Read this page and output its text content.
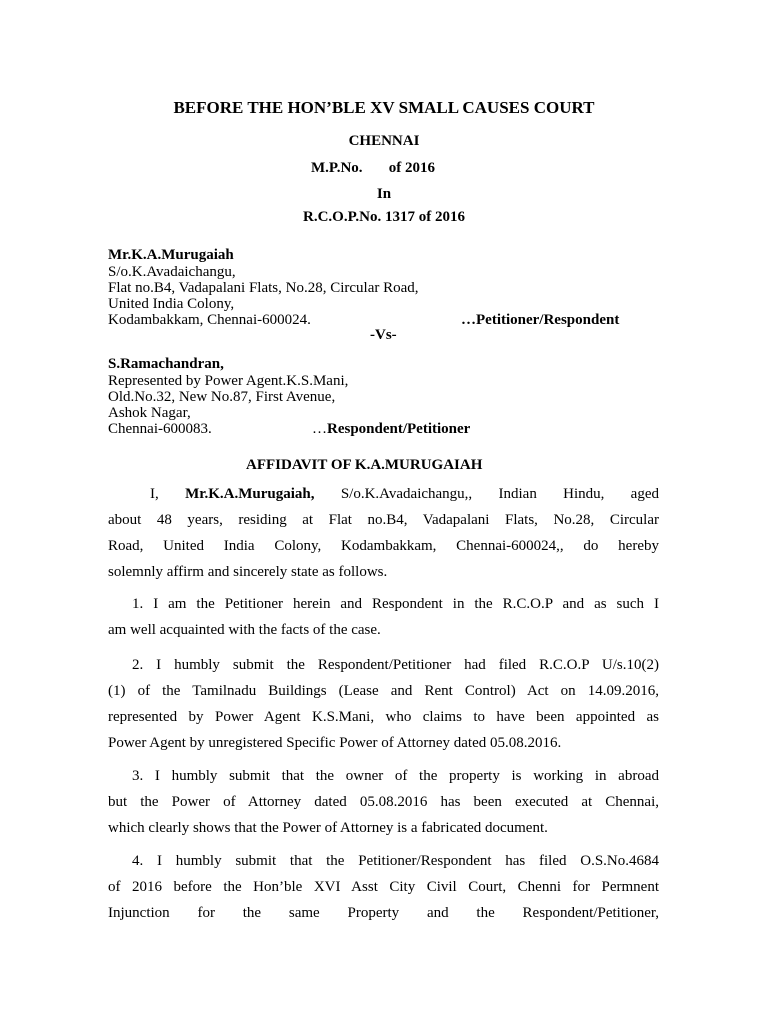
BEFORE THE HON’BLE XV SMALL CAUSES COURT
CHENNAI
M.P.No.       of 2016
In
R.C.O.P.No. 1317 of 2016
Mr.K.A.Murugaiah
S/o.K.Avadaichangu,
Flat no.B4, Vadapalani Flats, No.28, Circular Road,
United India Colony,
Kodambakkam, Chennai-600024.	…Petitioner/Respondent
-Vs-
S.Ramachandran,
Represented by Power Agent.K.S.Mani,
Old.No.32, New No.87, First Avenue,
Ashok Nagar,
Chennai-600083.	…Respondent/Petitioner
AFFIDAVIT OF K.A.MURUGAIAH
I, Mr.K.A.Murugaiah, S/o.K.Avadaichangu,, Indian Hindu, aged
about 48 years, residing at Flat no.B4, Vadapalani Flats, No.28, Circular
Road, United India Colony, Kodambakkam, Chennai-600024,, do hereby
solemnly affirm and sincerely state as follows.
1. I am the Petitioner herein and Respondent in the R.C.O.P and as such I
am well acquainted with the facts of the case.
2. I humbly submit the Respondent/Petitioner had filed R.C.O.P U/s.10(2)
(1) of the Tamilnadu Buildings (Lease and Rent Control) Act on 14.09.2016,
represented by Power Agent K.S.Mani, who claims to have been appointed as
Power Agent by unregistered Specific Power of Attorney dated 05.08.2016.
3. I humbly submit that the owner of the property is working in abroad
but the Power of Attorney dated 05.08.2016 has been executed at Chennai,
which clearly shows that the Power of Attorney is a fabricated document.
4. I humbly submit that the Petitioner/Respondent has filed O.S.No.4684
of 2016 before the Hon’ble XVI Asst City Civil Court, Chenni for Permnent
Injunction for the same Property and the Respondent/Petitioner,
